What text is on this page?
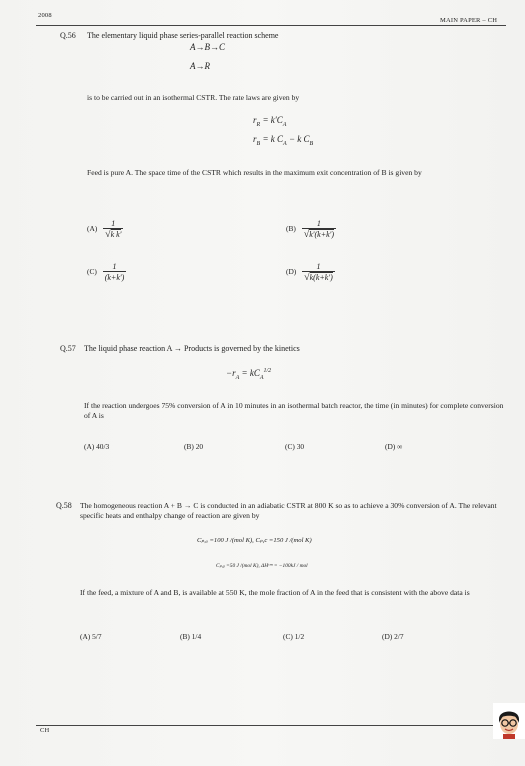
2008
MAIN PAPER – CH
Q.56 The elementary liquid phase series-parallel reaction scheme
A→B→C
A→R
is to be carried out in an isothermal CSTR. The rate laws are given by
$r_R = k'C_A$
$r_B = k$ $C_A - k$ $C_B$
Feed is pure A. The space time of the CSTR which results in the maximum exit concentration of B is given by
$(A) \frac{1}{\text{√k k′}}$	$(B) \frac{1}{√k'(k+k')}$
$(C) \frac{1}{(k+k')}$	$(D) \frac{1}{√k(k+k')}$
Q.57 The liquid phase reaction A → Products is governed by the kinetics
$-r_A = kC_A^{1/2}$
If the reaction undergoes 75% conversion of A in 10 minutes in an isothermal batch reactor, the time (in minutes) for complete conversion of A is
(A) 40/3	(B) 20	(C) 30	(D) ∞
Q.58 The homogeneous reaction A + B → C is conducted in an adiabatic CSTR at 800 K so as to achieve a 30% conversion of A. The relevant specific heats and enthalpy change of reaction are given by
Cₚ,ₐ =100 J /(mol K), Cₚ,c =150 J /(mol K)
Cₚ,ᵦ =50 J /(mol K), ΔHʳˣⁿ = −100kJ / mol
If the feed, a mixture of A and B, is available at 550 K, the mole fraction of A in the feed that is consistent with the above data is
(A) 5/7	(B) 1/4	(C) 1/2	(D) 2/7
CH
